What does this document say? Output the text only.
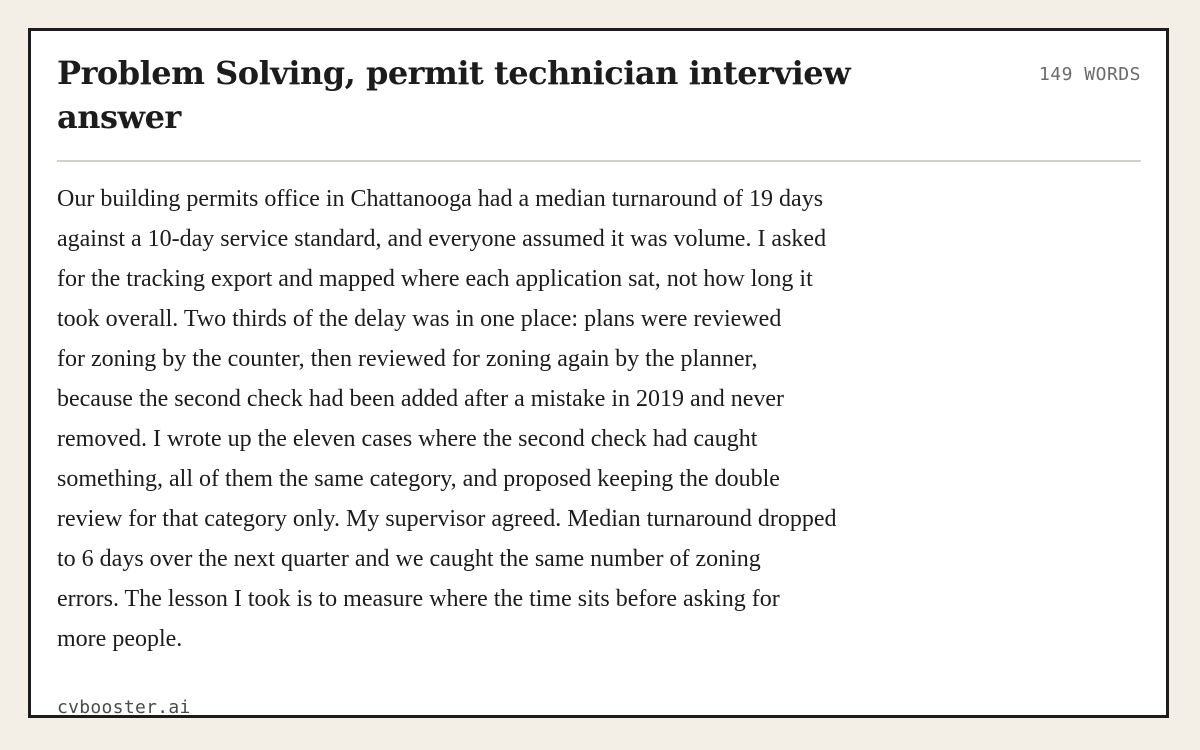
Problem Solving, permit technician interview answer
149 WORDS

Our building permits office in Chattanooga had a median turnaround of 19 days
against a 10-day service standard, and everyone assumed it was volume. I asked
for the tracking export and mapped where each application sat, not how long it
took overall. Two thirds of the delay was in one place: plans were reviewed
for zoning by the counter, then reviewed for zoning again by the planner,
because the second check had been added after a mistake in 2019 and never
removed. I wrote up the eleven cases where the second check had caught
something, all of them the same category, and proposed keeping the double
review for that category only. My supervisor agreed. Median turnaround dropped
to 6 days over the next quarter and we caught the same number of zoning
errors. The lesson I took is to measure where the time sits before asking for
more people.

cvbooster.ai
